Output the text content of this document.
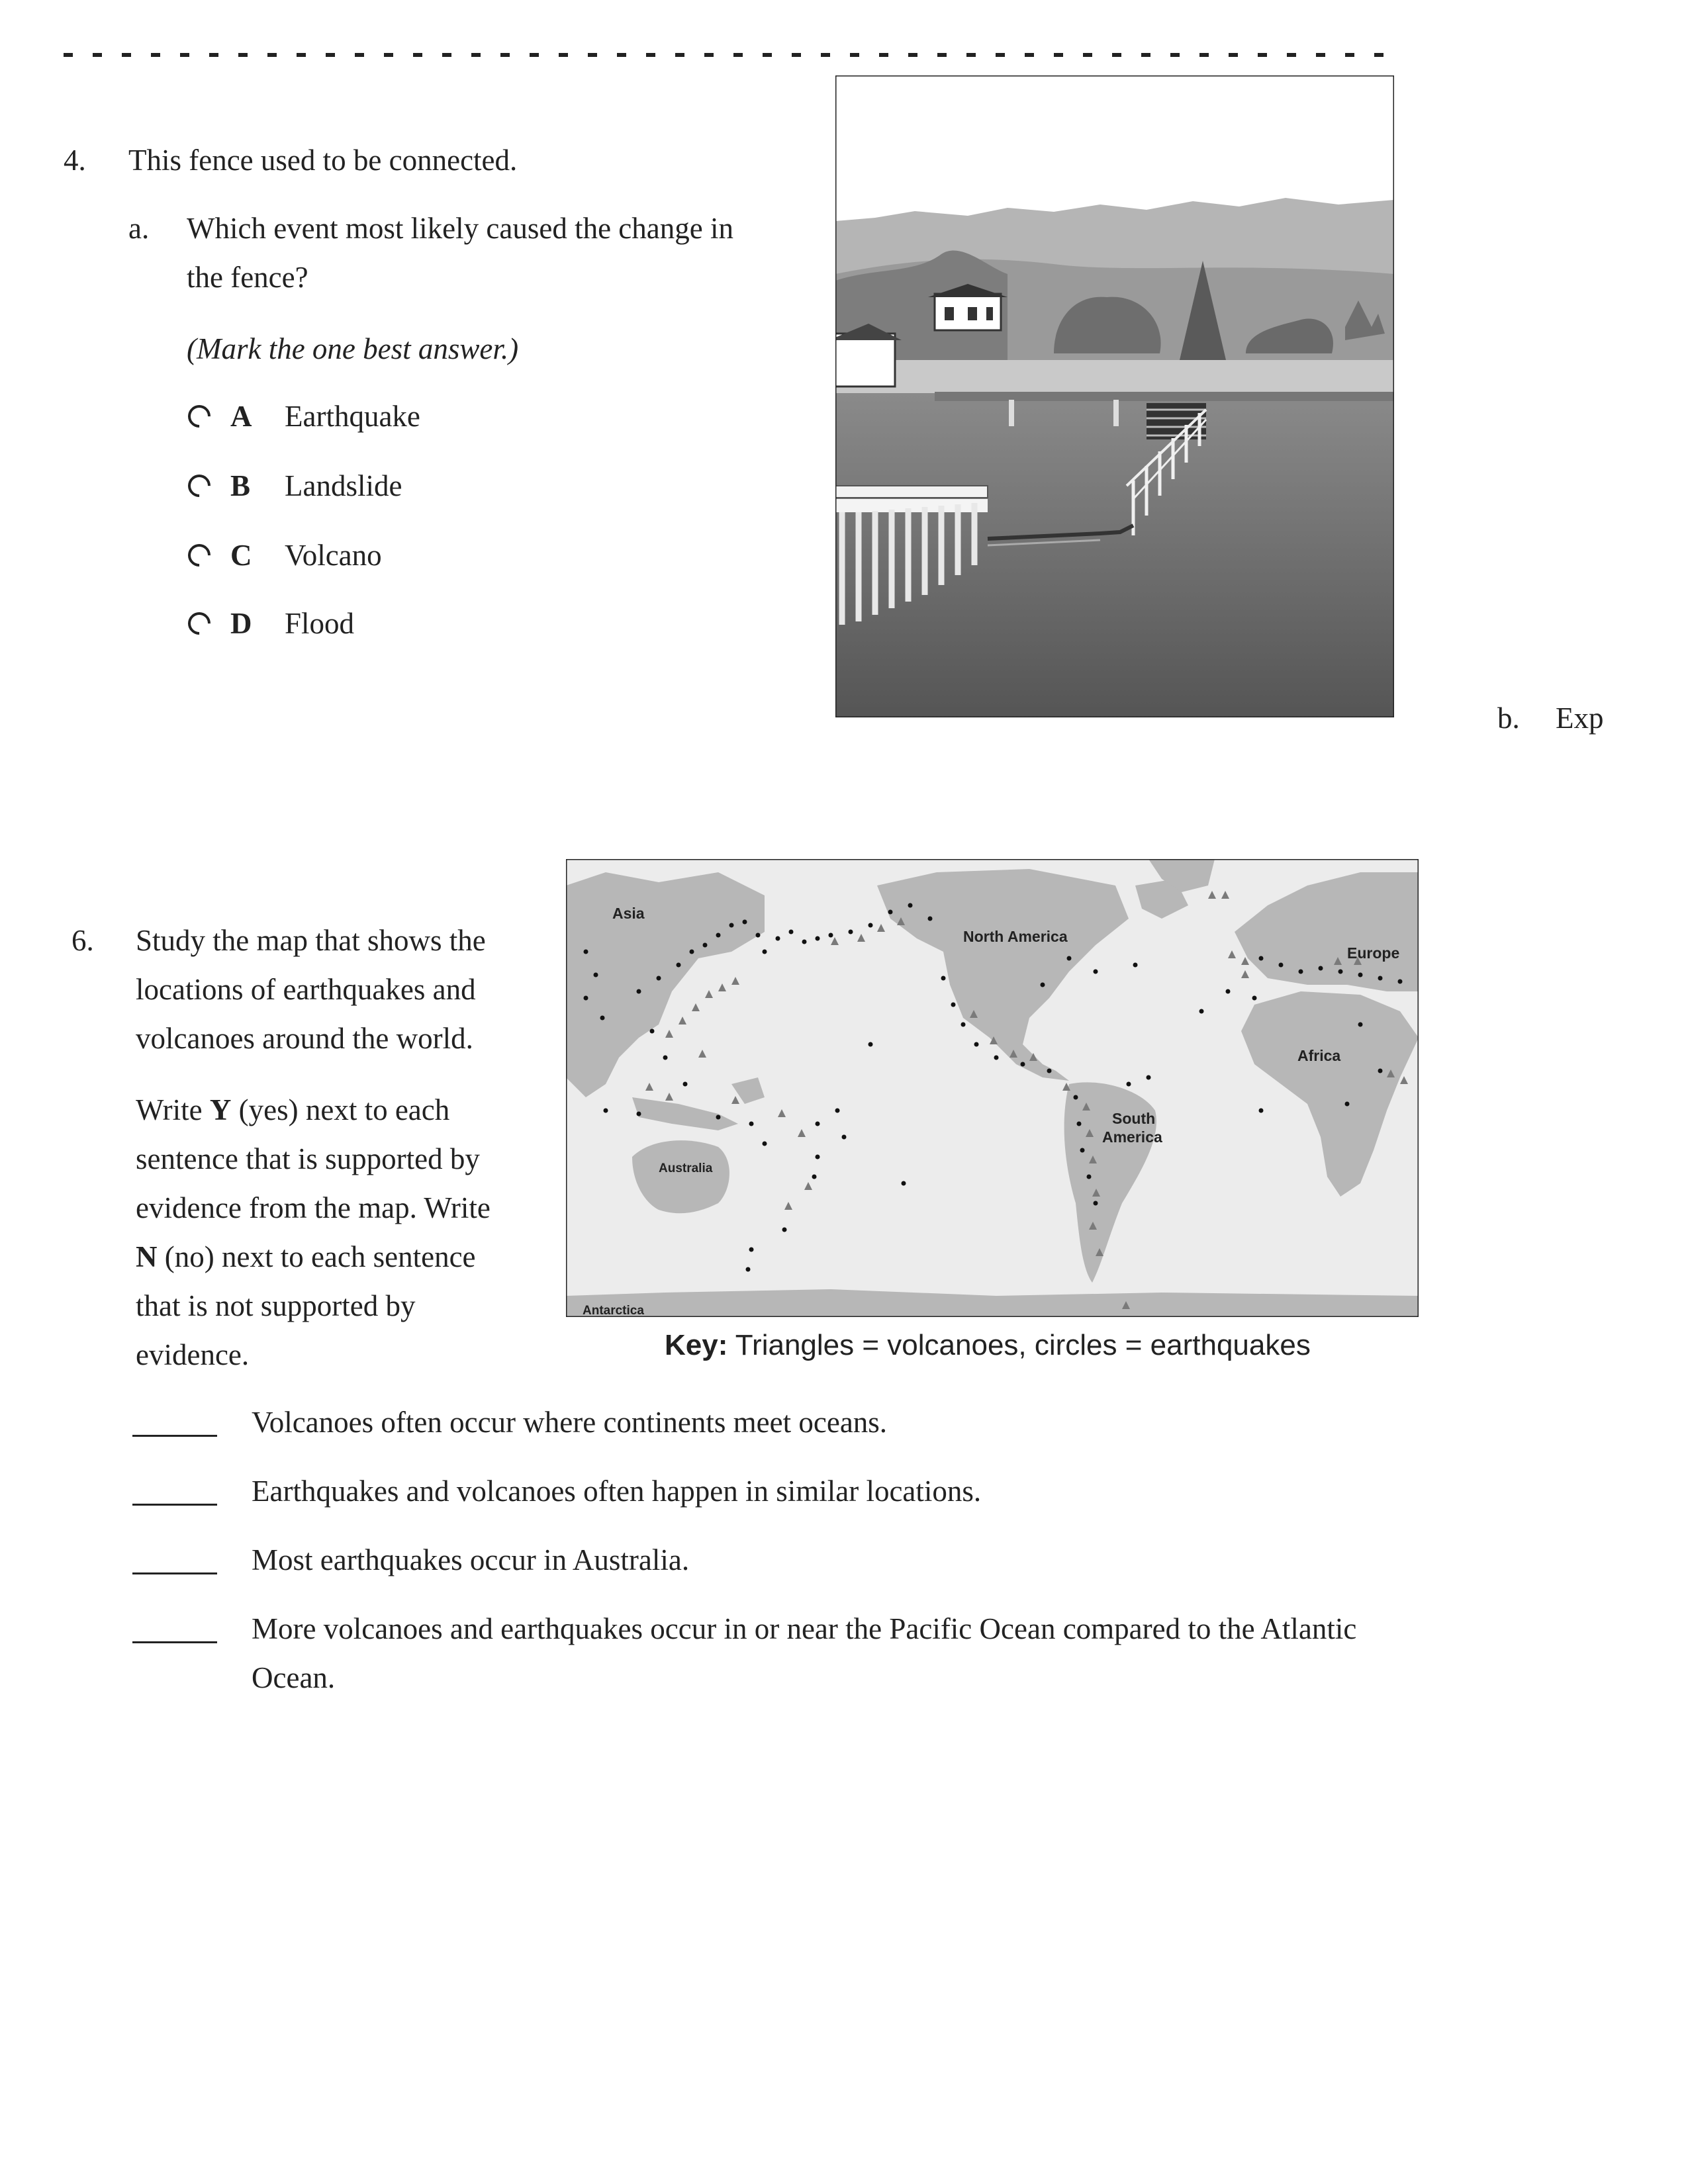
4. This fence used to be connected.
a. Which event most likely caused the change in
the fence?
(Mark the one best answer.)
A	Earthquake
B	Landslide
C	Volcano
D	Flood
b. Exp
6. Study the map that shows the
locations of earthquakes and
volcanoes around the world.
Write Y (yes) next to each
sentence that is supported by
evidence from the map. Write
N (no) next to each sentence
that is not supported by
evidence.
Asia
North America
Europe
Africa
South
America
Australia
Antarctica
Key: Triangles = volcanoes, circles = earthquakes
Volcanoes often occur where continents meet oceans.
Earthquakes and volcanoes often happen in similar locations.
Most earthquakes occur in Australia.
More volcanoes and earthquakes occur in or near the Pacific Ocean compared to the Atlantic Ocean.
